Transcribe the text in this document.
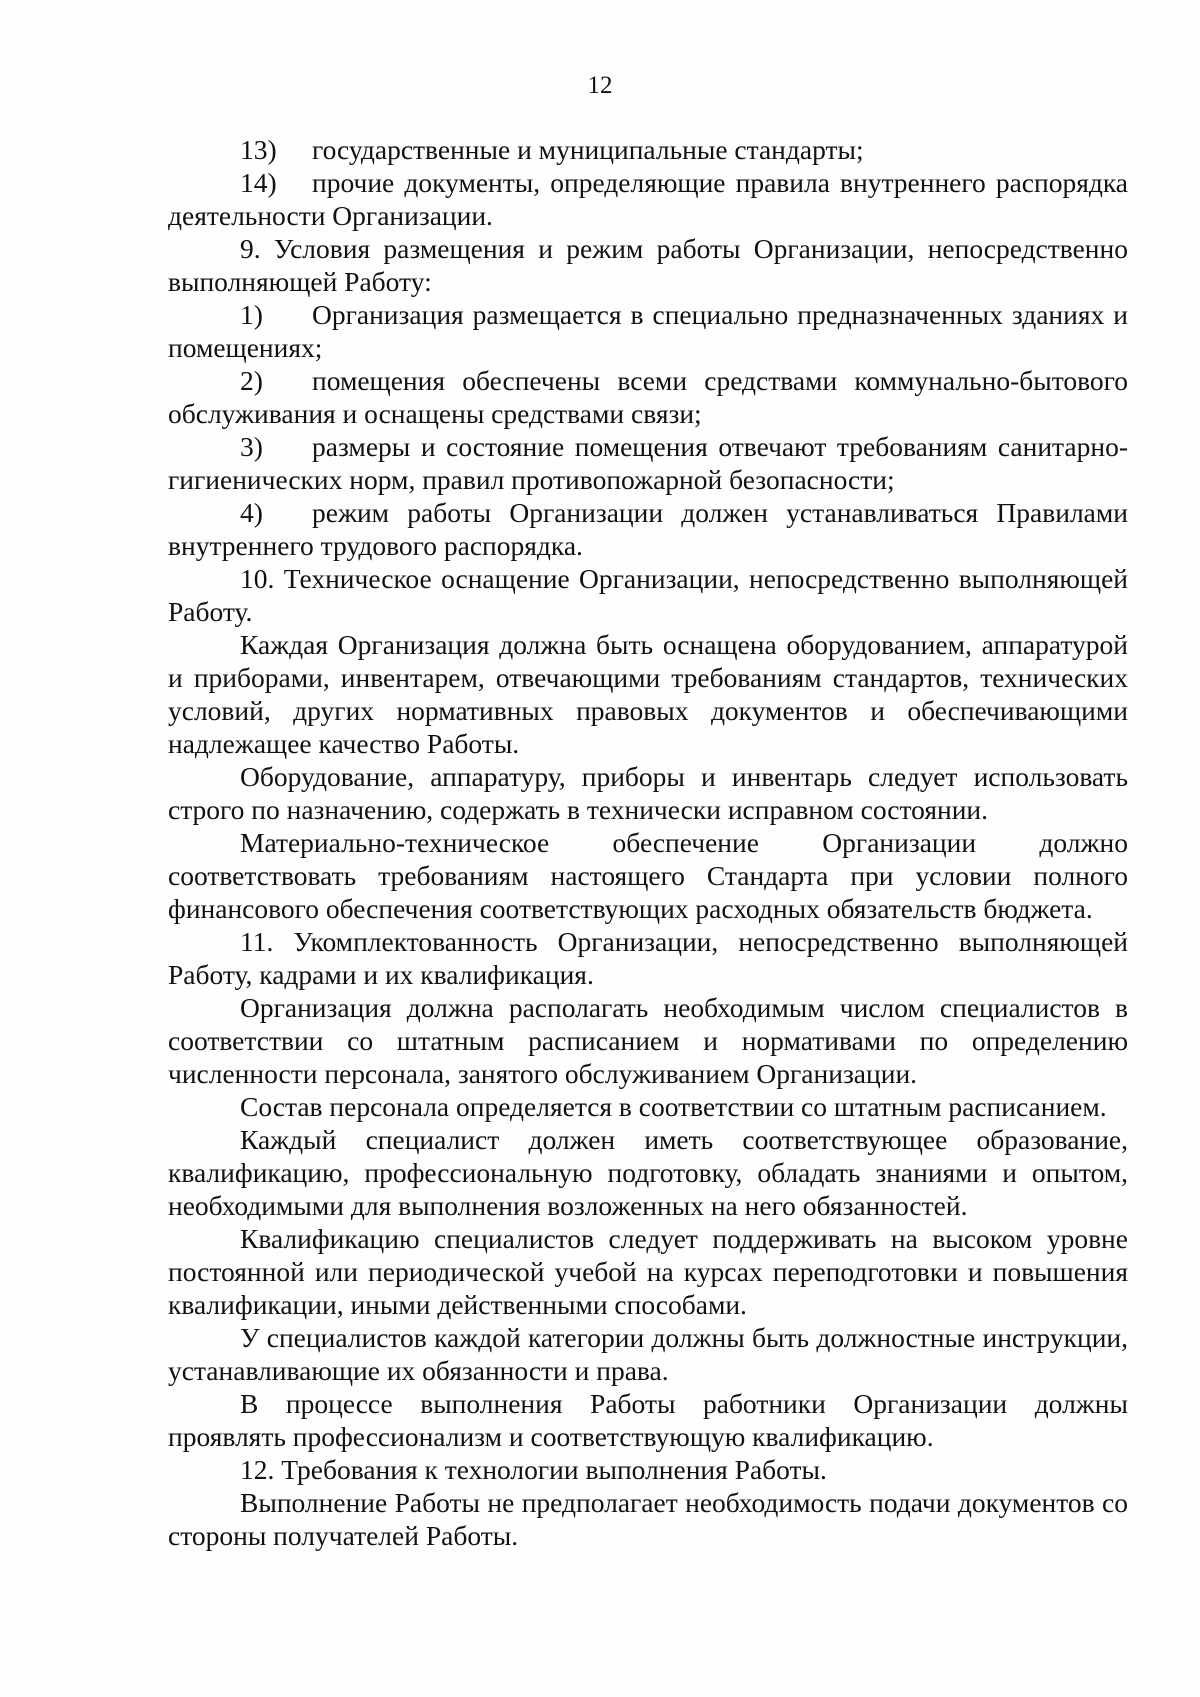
12

13) государственные и муниципальные стандарты;

14) прочие документы, определяющие правила внутреннего распорядка деятельности Организации.

9. Условия размещения и режим работы Организации, непосредственно выполняющей Работу:

1) Организация размещается в специально предназначенных зданиях и помещениях;

2) помещения обеспечены всеми средствами коммунально-бытового обслуживания и оснащены средствами связи;

3) размеры и состояние помещения отвечают требованиям санитарно-гигиенических норм, правил противопожарной безопасности;

4) режим работы Организации должен устанавливаться Правилами внутреннего трудового распорядка.

10. Техническое оснащение Организации, непосредственно выполняющей Работу.

Каждая Организация должна быть оснащена оборудованием, аппаратурой и приборами, инвентарем, отвечающими требованиям стандартов, технических условий, других нормативных правовых документов и обеспечивающими надлежащее качество Работы.

Оборудование, аппаратуру, приборы и инвентарь следует использовать строго по назначению, содержать в технически исправном состоянии.

Материально-техническое обеспечение Организации должно соответствовать требованиям настоящего Стандарта при условии полного финансового обеспечения соответствующих расходных обязательств бюджета.

11. Укомплектованность Организации, непосредственно выполняющей Работу, кадрами и их квалификация.

Организация должна располагать необходимым числом специалистов в соответствии со штатным расписанием и нормативами по определению численности персонала, занятого обслуживанием Организации.

Состав персонала определяется в соответствии со штатным расписанием.

Каждый специалист должен иметь соответствующее образование, квалификацию, профессиональную подготовку, обладать знаниями и опытом, необходимыми для выполнения возложенных на него обязанностей.

Квалификацию специалистов следует поддерживать на высоком уровне постоянной или периодической учебой на курсах переподготовки и повышения квалификации, иными действенными способами.

У специалистов каждой категории должны быть должностные инструкции, устанавливающие их обязанности и права.

В процессе выполнения Работы работники Организации должны проявлять профессионализм и соответствующую квалификацию.

12. Требования к технологии выполнения Работы.

Выполнение Работы не предполагает необходимость подачи документов со стороны получателей Работы.
